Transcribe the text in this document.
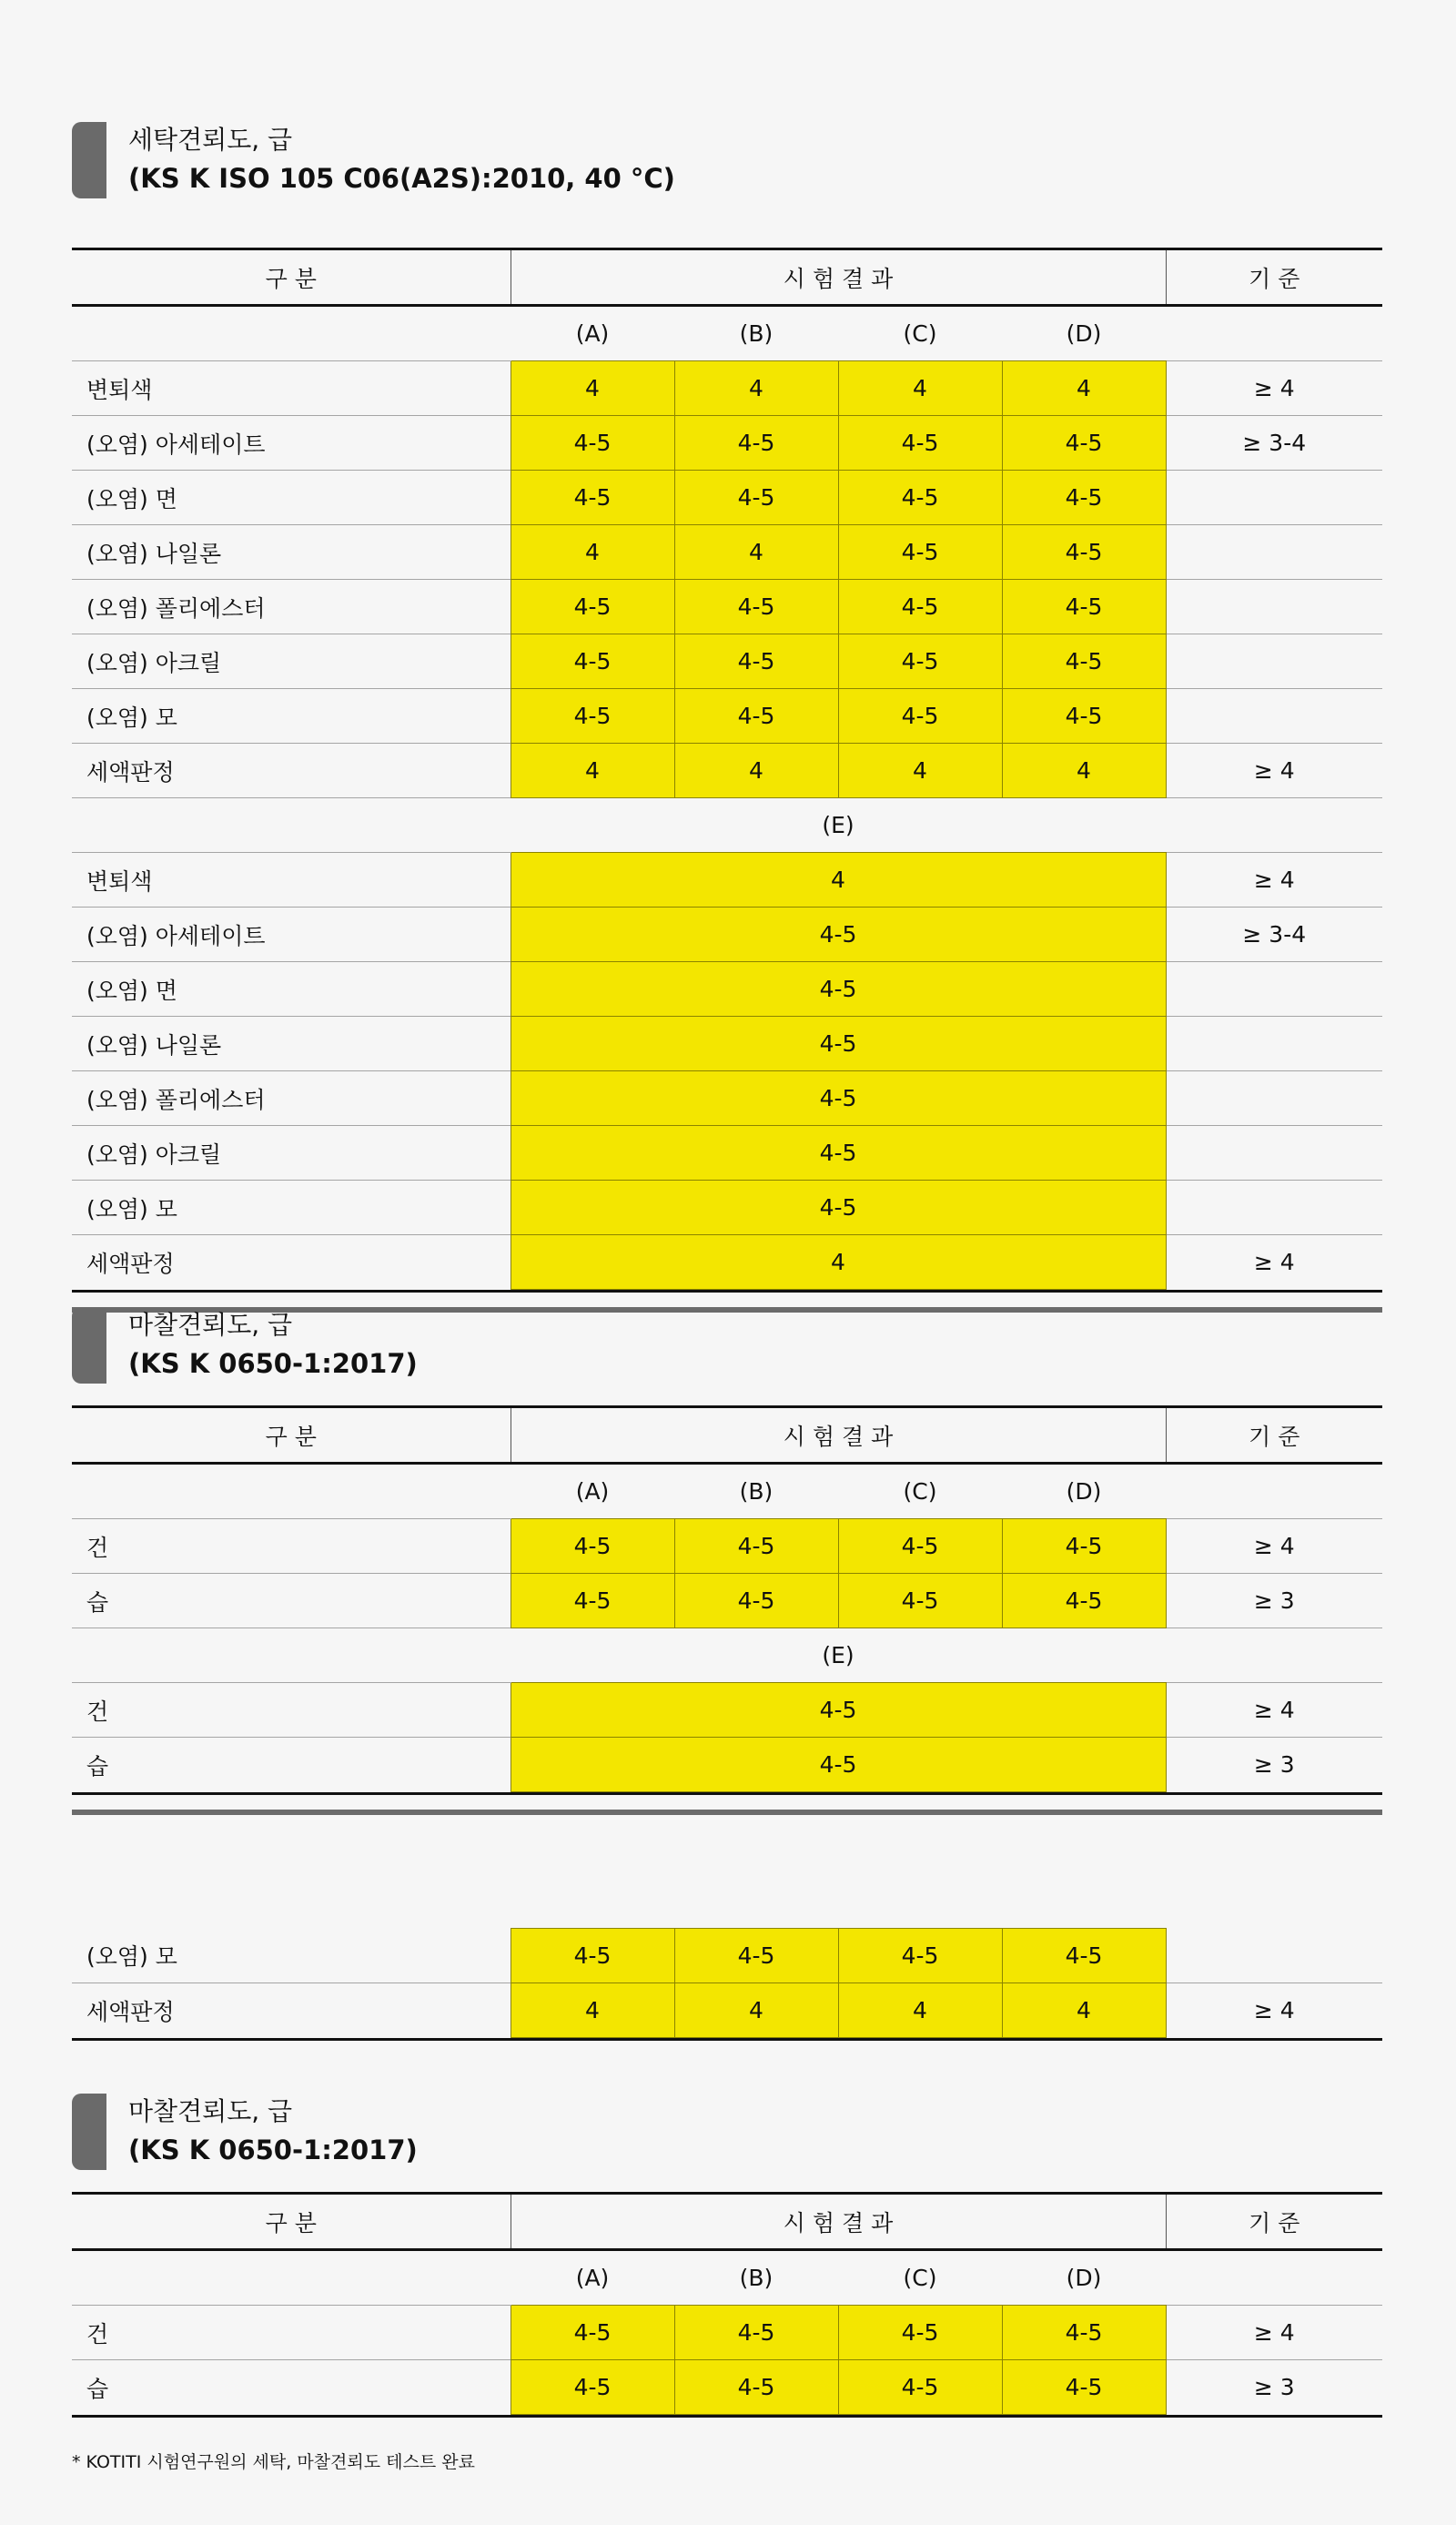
세탁견뢰도, 급
(KS K ISO 105 C06(A2S):2010, 40 °C)
구 분	시 험 결 과				기 준
	(A)	(B)	(C)	(D)	
변퇴색	4	4	4	4	≥ 4
(오염) 아세테이트	4-5	4-5	4-5	4-5	≥ 3-4
(오염) 면	4-5	4-5	4-5	4-5	
(오염) 나일론	4	4	4-5	4-5	
(오염) 폴리에스터	4-5	4-5	4-5	4-5	
(오염) 아크릴	4-5	4-5	4-5	4-5	
(오염) 모	4-5	4-5	4-5	4-5	
세액판정	4	4	4	4	≥ 4
	(E)				
변퇴색	4				≥ 4
(오염) 아세테이트	4-5				≥ 3-4
(오염) 면	4-5				
(오염) 나일론	4-5				
(오염) 폴리에스터	4-5				
(오염) 아크릴	4-5				
(오염) 모	4-5				
세액판정	4				≥ 4
마찰견뢰도, 급
(KS K 0650-1:2017)
구 분	시 험 결 과				기 준
	(A)	(B)	(C)	(D)	
건	4-5	4-5	4-5	4-5	≥ 4
습	4-5	4-5	4-5	4-5	≥ 3
	(E)				
건	4-5				≥ 4
습	4-5				≥ 3
(오염) 모	4-5	4-5	4-5	4-5	
세액판정	4	4	4	4	≥ 4
마찰견뢰도, 급
(KS K 0650-1:2017)
구 분	시 험 결 과				기 준
	(A)	(B)	(C)	(D)	
건	4-5	4-5	4-5	4-5	≥ 4
습	4-5	4-5	4-5	4-5	≥ 3
* KOTITI 시험연구원의 세탁, 마찰견뢰도 테스트 완료
